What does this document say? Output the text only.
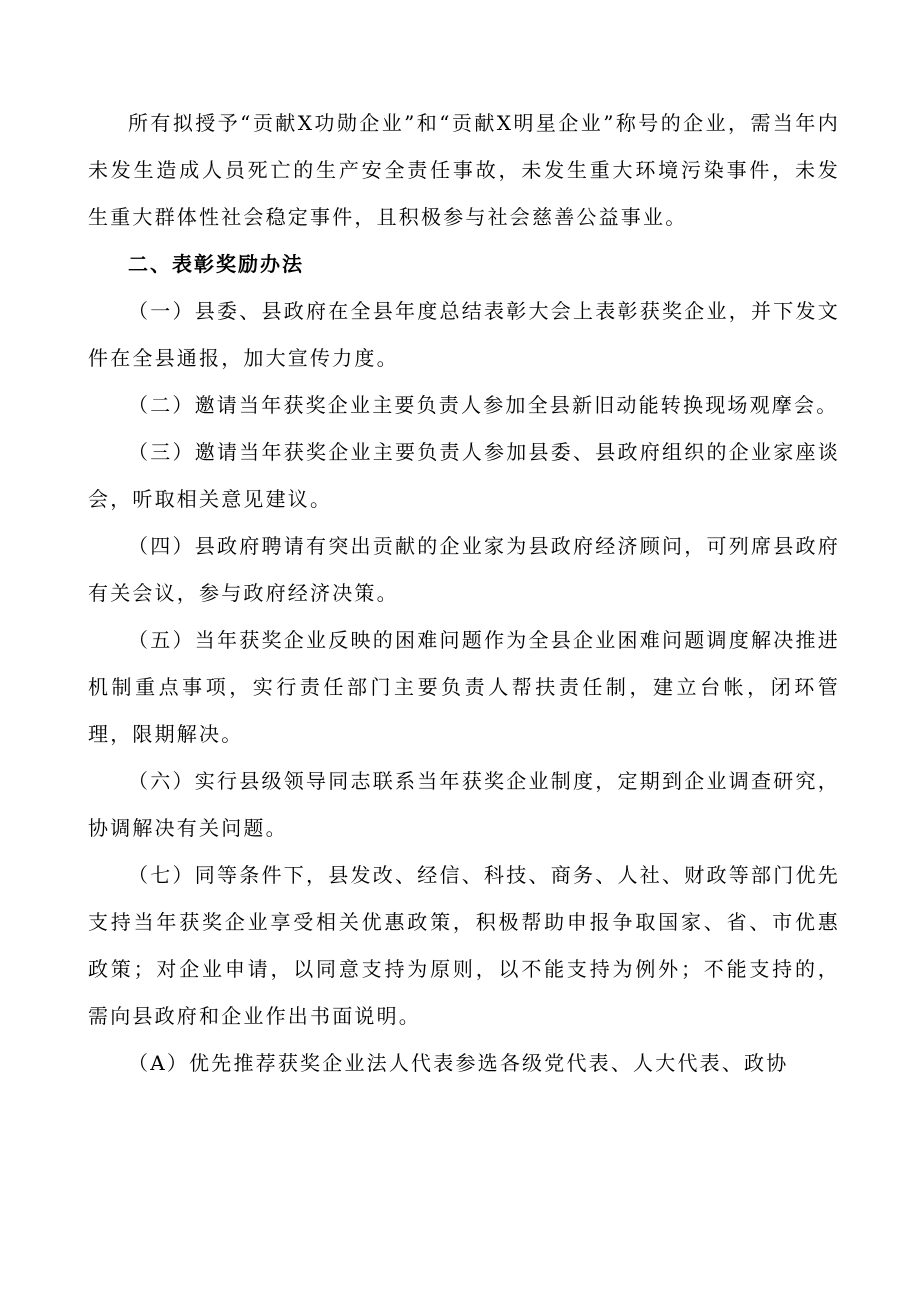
所有拟授予“贡献X功勋企业”和“贡献X明星企业”称号的企业，需当年内未发生造成人员死亡的生产安全责任事故，未发生重大环境污染事件，未发生重大群体性社会稳定事件，且积极参与社会慈善公益事业。

二、表彰奖励办法

（一）县委、县政府在全县年度总结表彰大会上表彰获奖企业，并下发文件在全县通报，加大宣传力度。

（二）邀请当年获奖企业主要负责人参加全县新旧动能转换现场观摩会。

（三）邀请当年获奖企业主要负责人参加县委、县政府组织的企业家座谈会，听取相关意见建议。

（四）县政府聘请有突出贡献的企业家为县政府经济顾问，可列席县政府有关会议，参与政府经济决策。

（五）当年获奖企业反映的困难问题作为全县企业困难问题调度解决推进机制重点事项，实行责任部门主要负责人帮扶责任制，建立台帐，闭环管理，限期解决。

（六）实行县级领导同志联系当年获奖企业制度，定期到企业调查研究，协调解决有关问题。

（七）同等条件下，县发改、经信、科技、商务、人社、财政等部门优先支持当年获奖企业享受相关优惠政策，积极帮助申报争取国家、省、市优惠政策；对企业申请，以同意支持为原则，以不能支持为例外；不能支持的，需向县政府和企业作出书面说明。

（A）优先推荐获奖企业法人代表参选各级党代表、人大代表、政协
